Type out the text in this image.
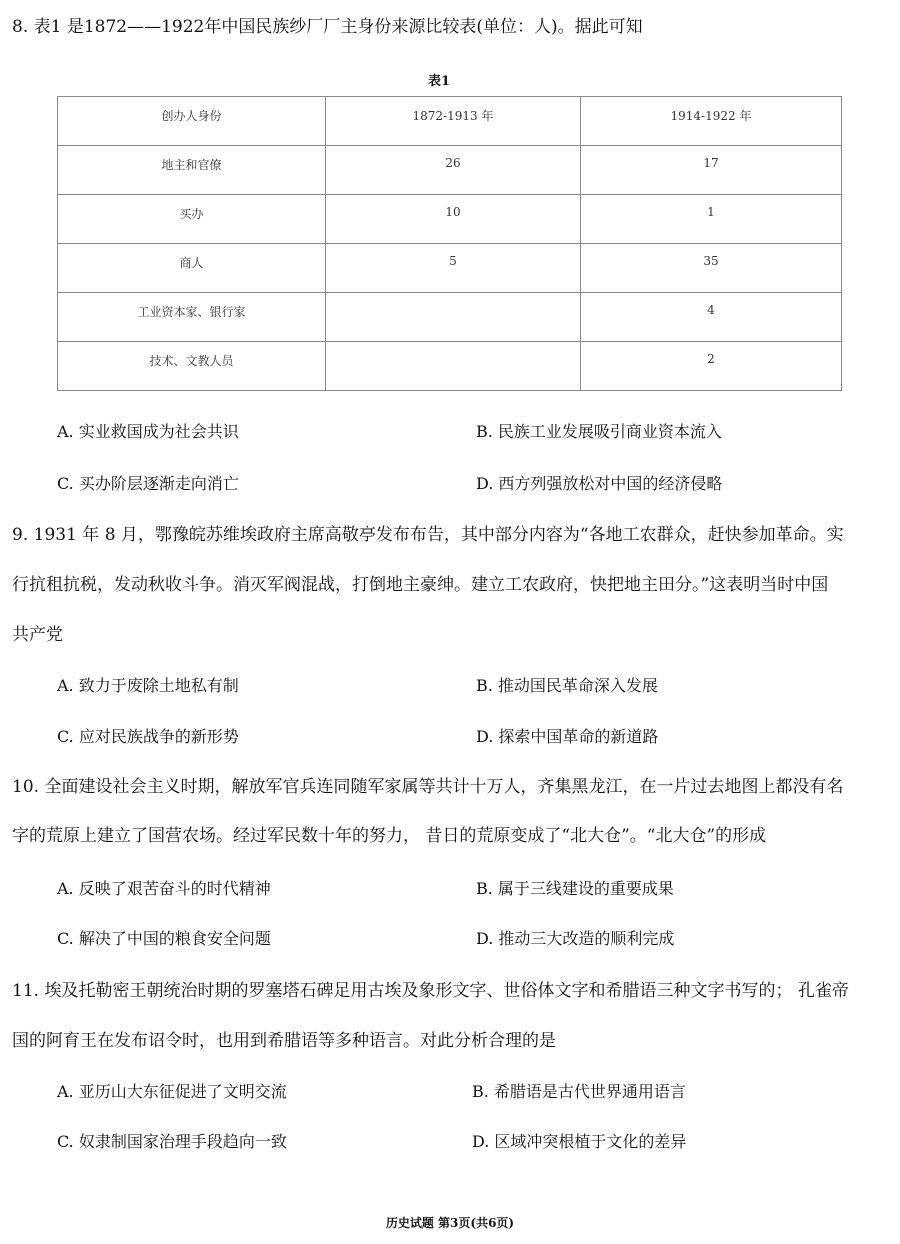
8. 表1 是1872——1922年中国民族纱厂厂主身份来源比较表(单位：人)。据此可知
表1
创办人身份	1872-1913 年	1914-1922 年
地主和官僚	26	17
买办	10	1
商人	5	35
工业资本家、银行家		4
技术、文教人员		2
A. 实业救国成为社会共识	B. 民族工业发展吸引商业资本流入
C. 买办阶层逐渐走向消亡	D. 西方列强放松对中国的经济侵略
9. 1931 年 8 月，鄂豫皖苏维埃政府主席高敬亭发布布告，其中部分内容为“各地工农群众，赶快参加革命。实
行抗租抗税，发动秋收斗争。消灭军阀混战，打倒地主豪绅。建立工农政府，快把地主田分。”这表明当时中国
共产党
A. 致力于废除土地私有制	B. 推动国民革命深入发展
C. 应对民族战争的新形势	D. 探索中国革命的新道路
10. 全面建设社会主义时期，解放军官兵连同随军家属等共计十万人，齐集黑龙江，在一片过去地图上都没有名
字的荒原上建立了国营农场。经过军民数十年的努力， 昔日的荒原变成了“北大仓”。“北大仓”的形成
A. 反映了艰苦奋斗的时代精神	B. 属于三线建设的重要成果
C. 解决了中国的粮食安全问题	D. 推动三大改造的顺利完成
11. 埃及托勒密王朝统治时期的罗塞塔石碑足用古埃及象形文字、世俗体文字和希腊语三种文字书写的； 孔雀帝
国的阿育王在发布诏令时，也用到希腊语等多种语言。对此分析合理的是
A. 亚历山大东征促进了文明交流	B. 希腊语是古代世界通用语言
C. 奴隶制国家治理手段趋向一致	D. 区域冲突根植于文化的差异
历史试题 第3页(共6页)
